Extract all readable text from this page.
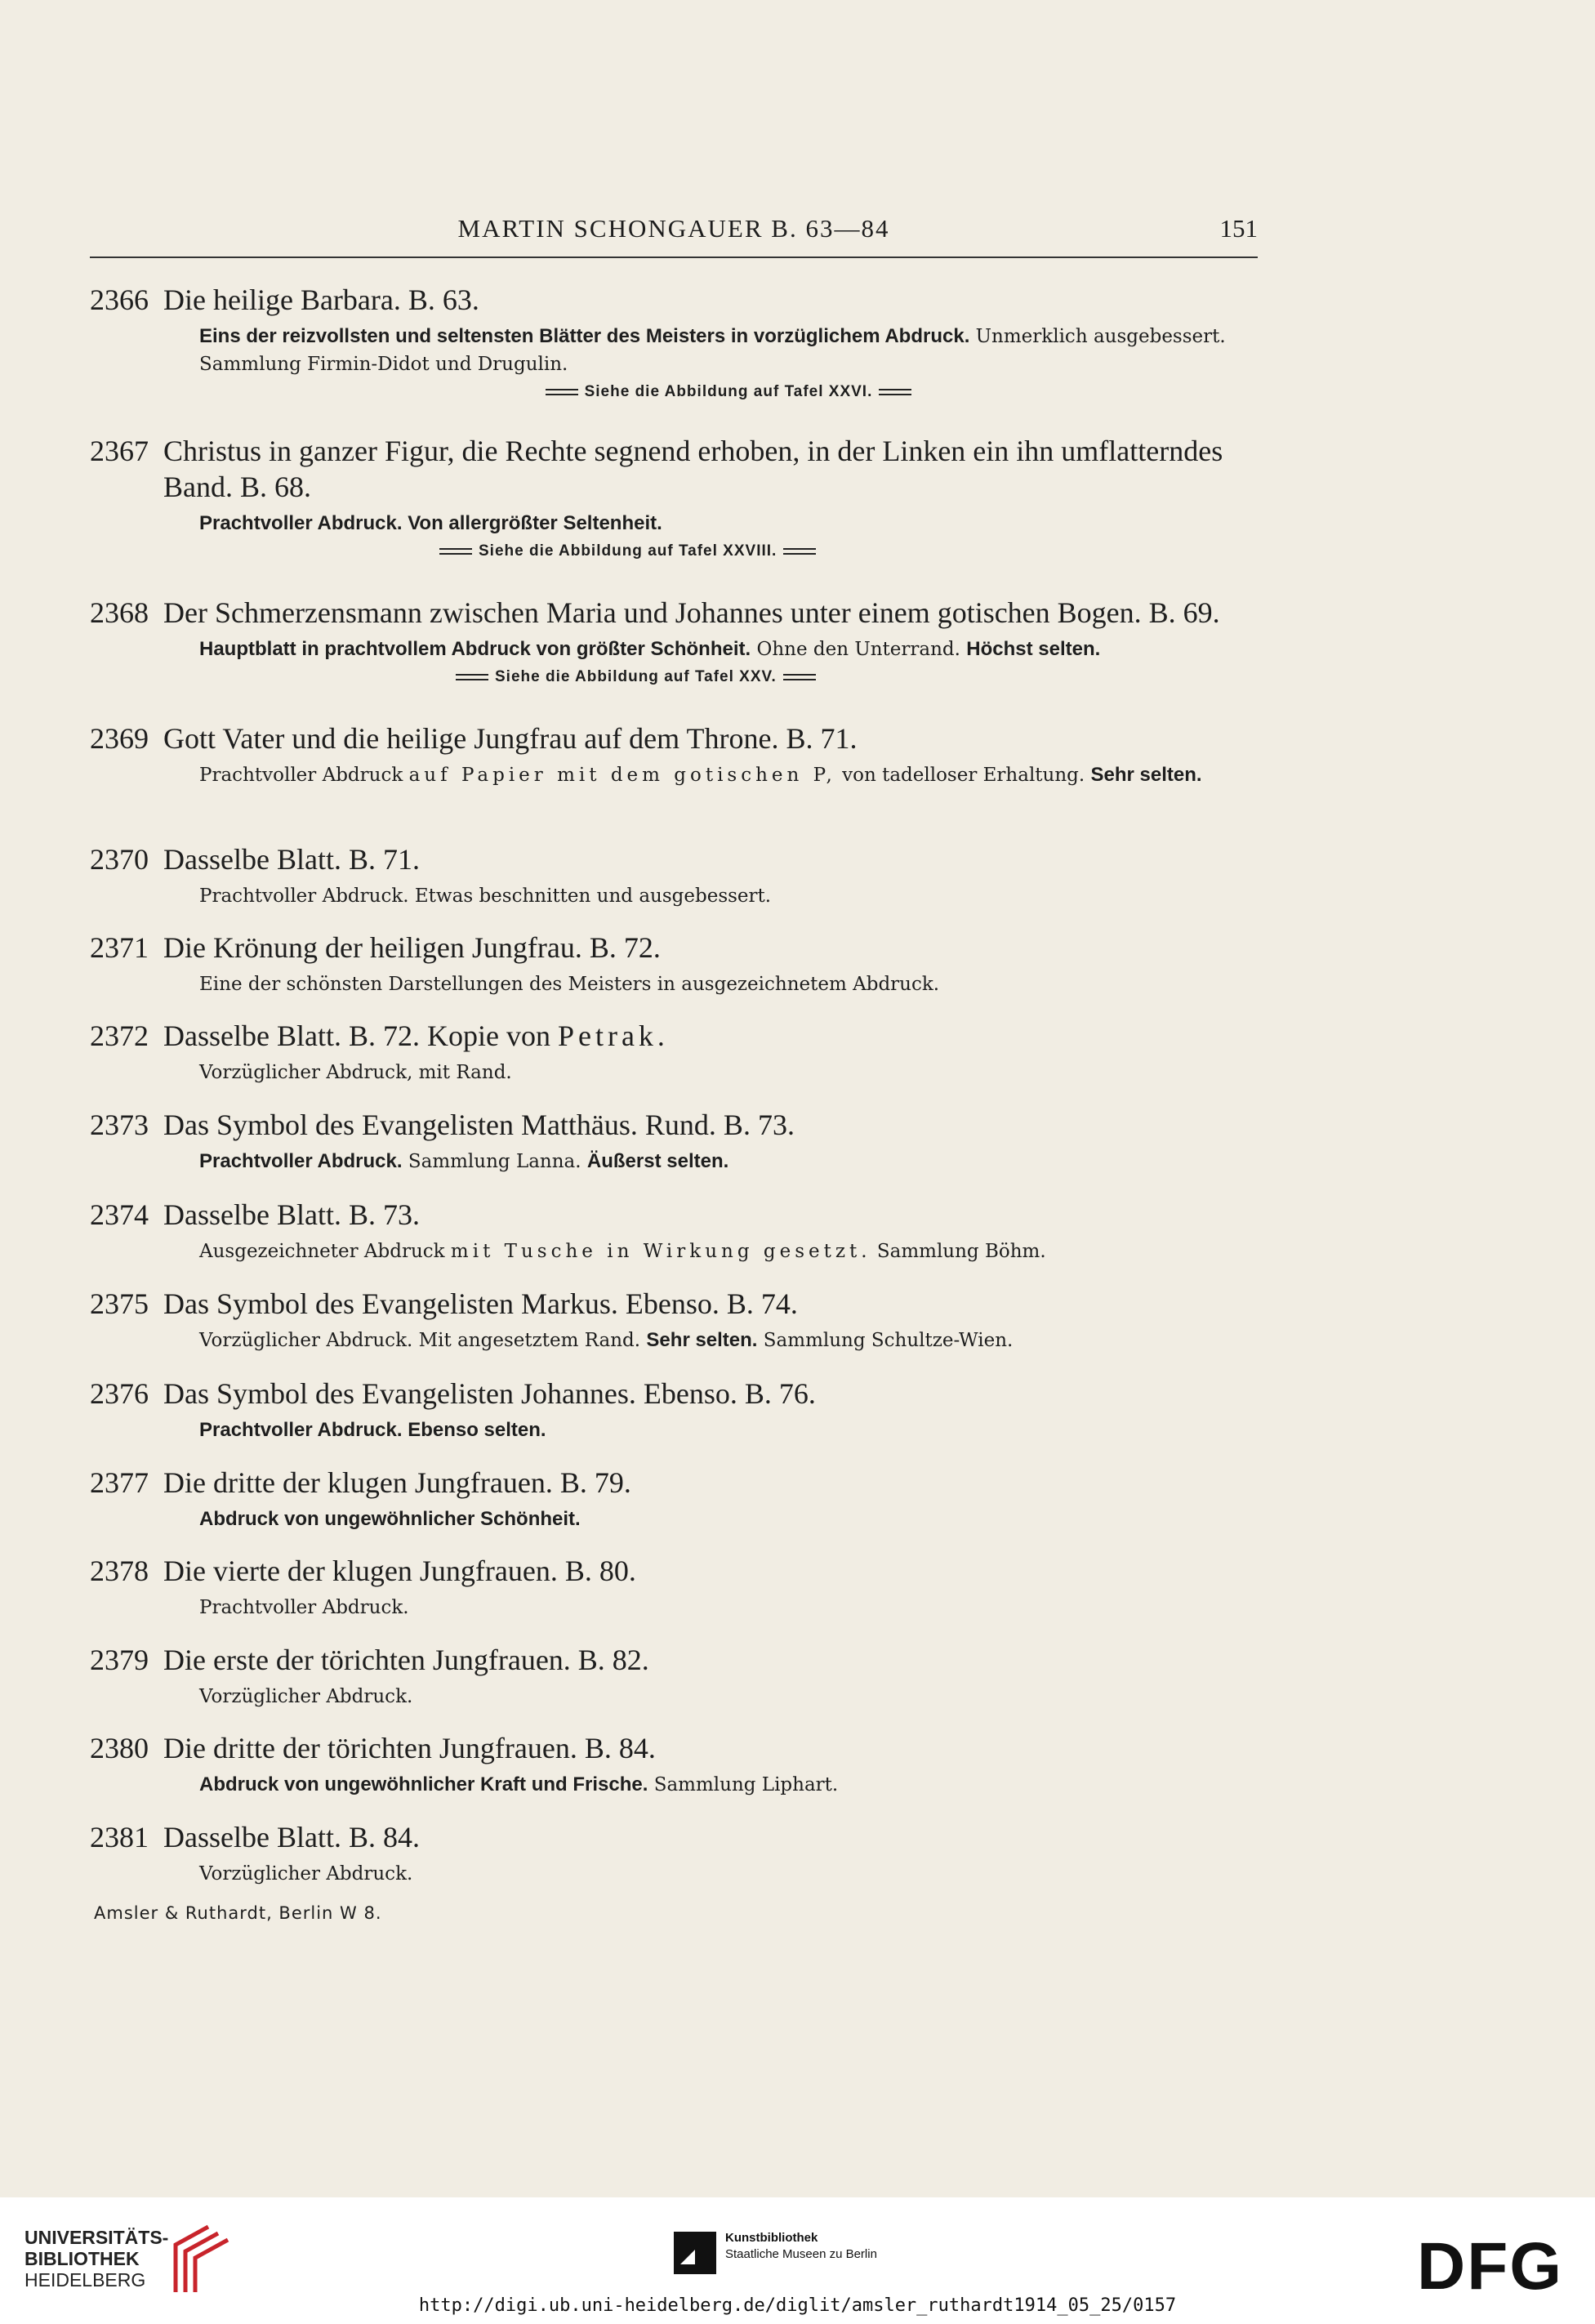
MARTIN SCHONGAUER B. 63—84	151
2366 Die heilige Barbara. B. 63.
Eins der reizvollsten und seltensten Blätter des Meisters in vorzüglichem Abdruck. Unmerklich ausgebessert. Sammlung Firmin-Didot und Drugulin.
Siehe die Abbildung auf Tafel XXVI.
2367 Christus in ganzer Figur, die Rechte segnend erhoben, in der Linken ein ihn umflatterndes Band. B. 68.
Prachtvoller Abdruck. Von allergrößter Seltenheit.
Siehe die Abbildung auf Tafel XXVIII.
2368 Der Schmerzensmann zwischen Maria und Johannes unter einem gotischen Bogen. B. 69.
Hauptblatt in prachtvollem Abdruck von größter Schönheit. Ohne den Unterrand. Höchst selten.
Siehe die Abbildung auf Tafel XXV.
2369 Gott Vater und die heilige Jungfrau auf dem Throne. B. 71.
Prachtvoller Abdruck auf Papier mit dem gotischen P, von tadelloser Erhaltung. Sehr selten.
2370 Dasselbe Blatt. B. 71.
Prachtvoller Abdruck. Etwas beschnitten und ausgebessert.
2371 Die Krönung der heiligen Jungfrau. B. 72.
Eine der schönsten Darstellungen des Meisters in ausgezeichnetem Abdruck.
2372 Dasselbe Blatt. B. 72. Kopie von Petrak.
Vorzüglicher Abdruck, mit Rand.
2373 Das Symbol des Evangelisten Matthäus. Rund. B. 73.
Prachtvoller Abdruck. Sammlung Lanna. Äußerst selten.
2374 Dasselbe Blatt. B. 73.
Ausgezeichneter Abdruck mit Tusche in Wirkung gesetzt. Sammlung Böhm.
2375 Das Symbol des Evangelisten Markus. Ebenso. B. 74.
Vorzüglicher Abdruck. Mit angesetztem Rand. Sehr selten. Sammlung Schultze-Wien.
2376 Das Symbol des Evangelisten Johannes. Ebenso. B. 76.
Prachtvoller Abdruck. Ebenso selten.
2377 Die dritte der klugen Jungfrauen. B. 79.
Abdruck von ungewöhnlicher Schönheit.
2378 Die vierte der klugen Jungfrauen. B. 80.
Prachtvoller Abdruck.
2379 Die erste der törichten Jungfrauen. B. 82.
Vorzüglicher Abdruck.
2380 Die dritte der törichten Jungfrauen. B. 84.
Abdruck von ungewöhnlicher Kraft und Frische. Sammlung Liphart.
2381 Dasselbe Blatt. B. 84.
Vorzüglicher Abdruck.
Amsler & Ruthardt, Berlin W 8.
UNIVERSITÄTS-
BIBLIOTHEK
HEIDELBERG
Kunstbibliothek
Staatliche Museen zu Berlin	DFG
http://digi.ub.uni-heidelberg.de/diglit/amsler_ruthardt1914_05_25/0157
